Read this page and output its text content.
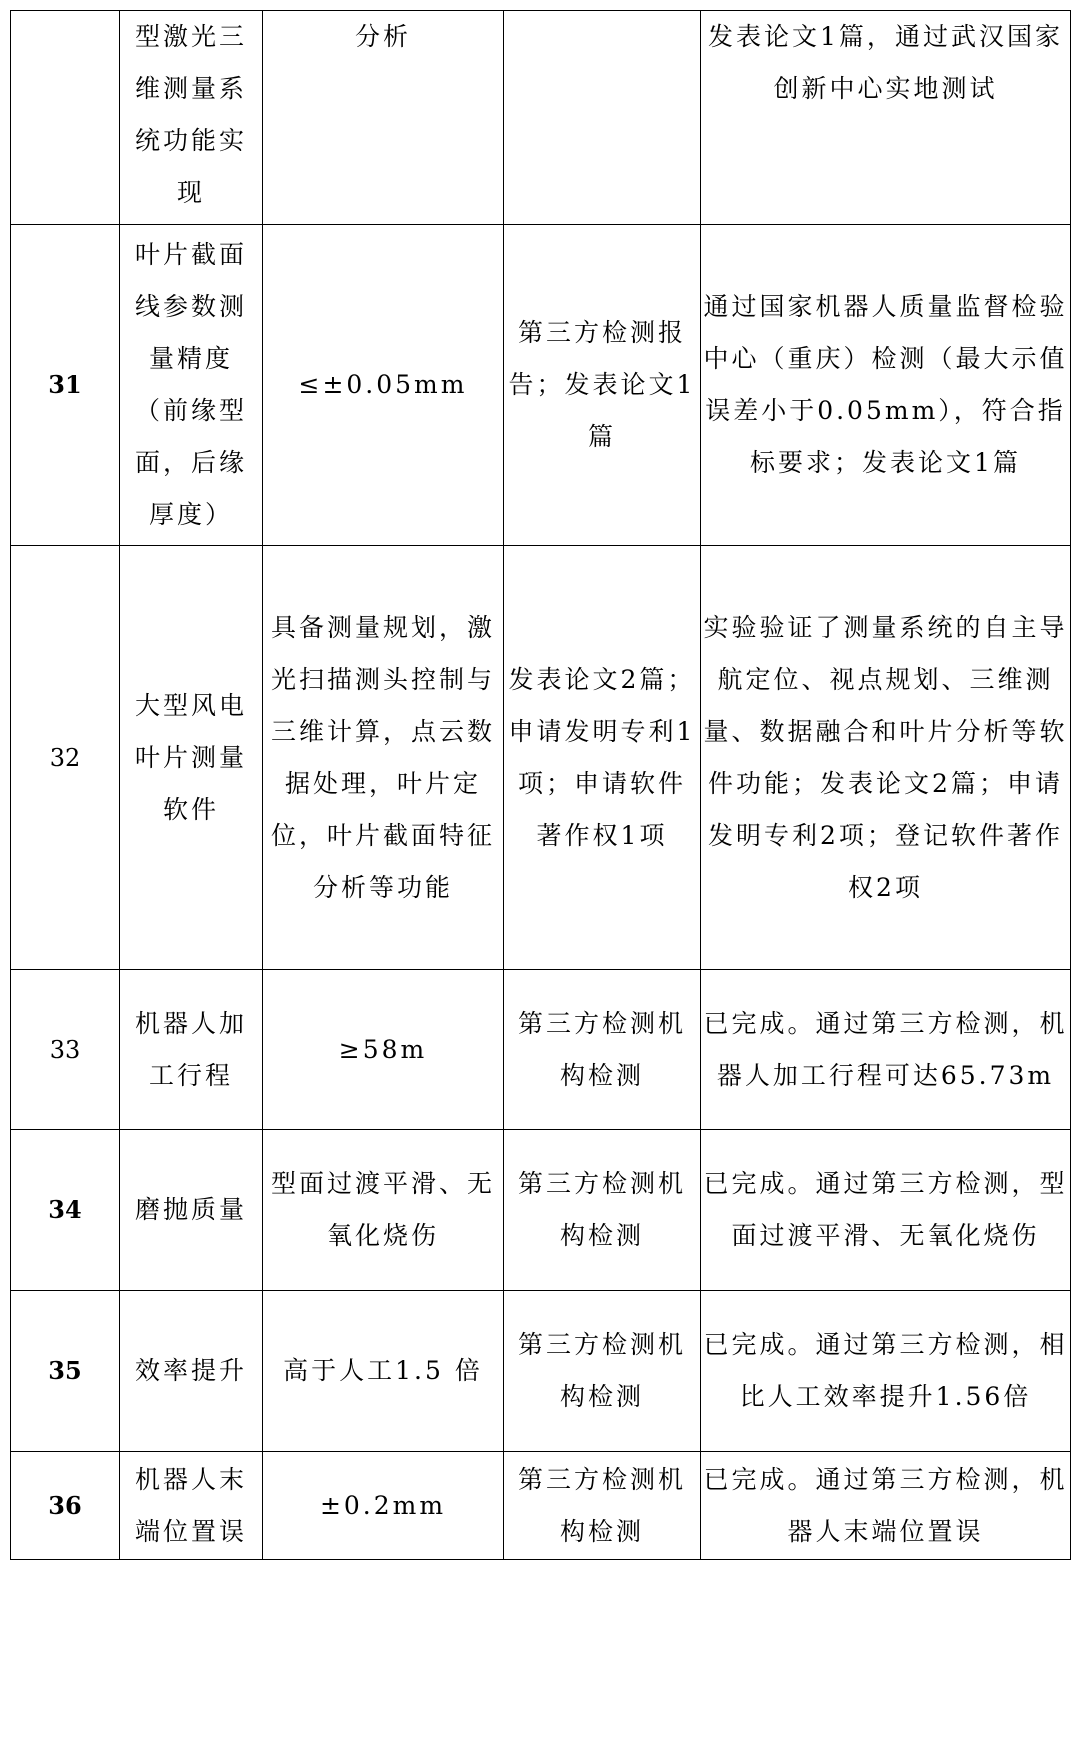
	型激光三维测量系统功能实现	分析		发表论文1篇，通过武汉国家创新中心实地测试
31	叶片截面线参数测量精度（前缘型面，后缘厚度）	≤±0.05mm	第三方检测报告；发表论文1篇	通过国家机器人质量监督检验中心（重庆）检测（最大示值误差小于0.05mm），符合指标要求；发表论文1篇
32	大型风电叶片测量软件	具备测量规划，激光扫描测头控制与三维计算，点云数据处理，叶片定位，叶片截面特征分析等功能	发表论文2篇；申请发明专利1项；申请软件著作权1项	实验验证了测量系统的自主导航定位、视点规划、三维测量、数据融合和叶片分析等软件功能；发表论文2篇；申请发明专利2项；登记软件著作权2项
33	机器人加工行程	≥58m	第三方检测机构检测	已完成。通过第三方检测，机器人加工行程可达65.73m
34	磨抛质量	型面过渡平滑、无氧化烧伤	第三方检测机构检测	已完成。通过第三方检测，型面过渡平滑、无氧化烧伤
35	效率提升	高于人工1.5 倍	第三方检测机构检测	已完成。通过第三方检测，相比人工效率提升1.56倍
36	机器人末端位置误	±0.2mm	第三方检测机构检测	已完成。通过第三方检测，机器人末端位置误
